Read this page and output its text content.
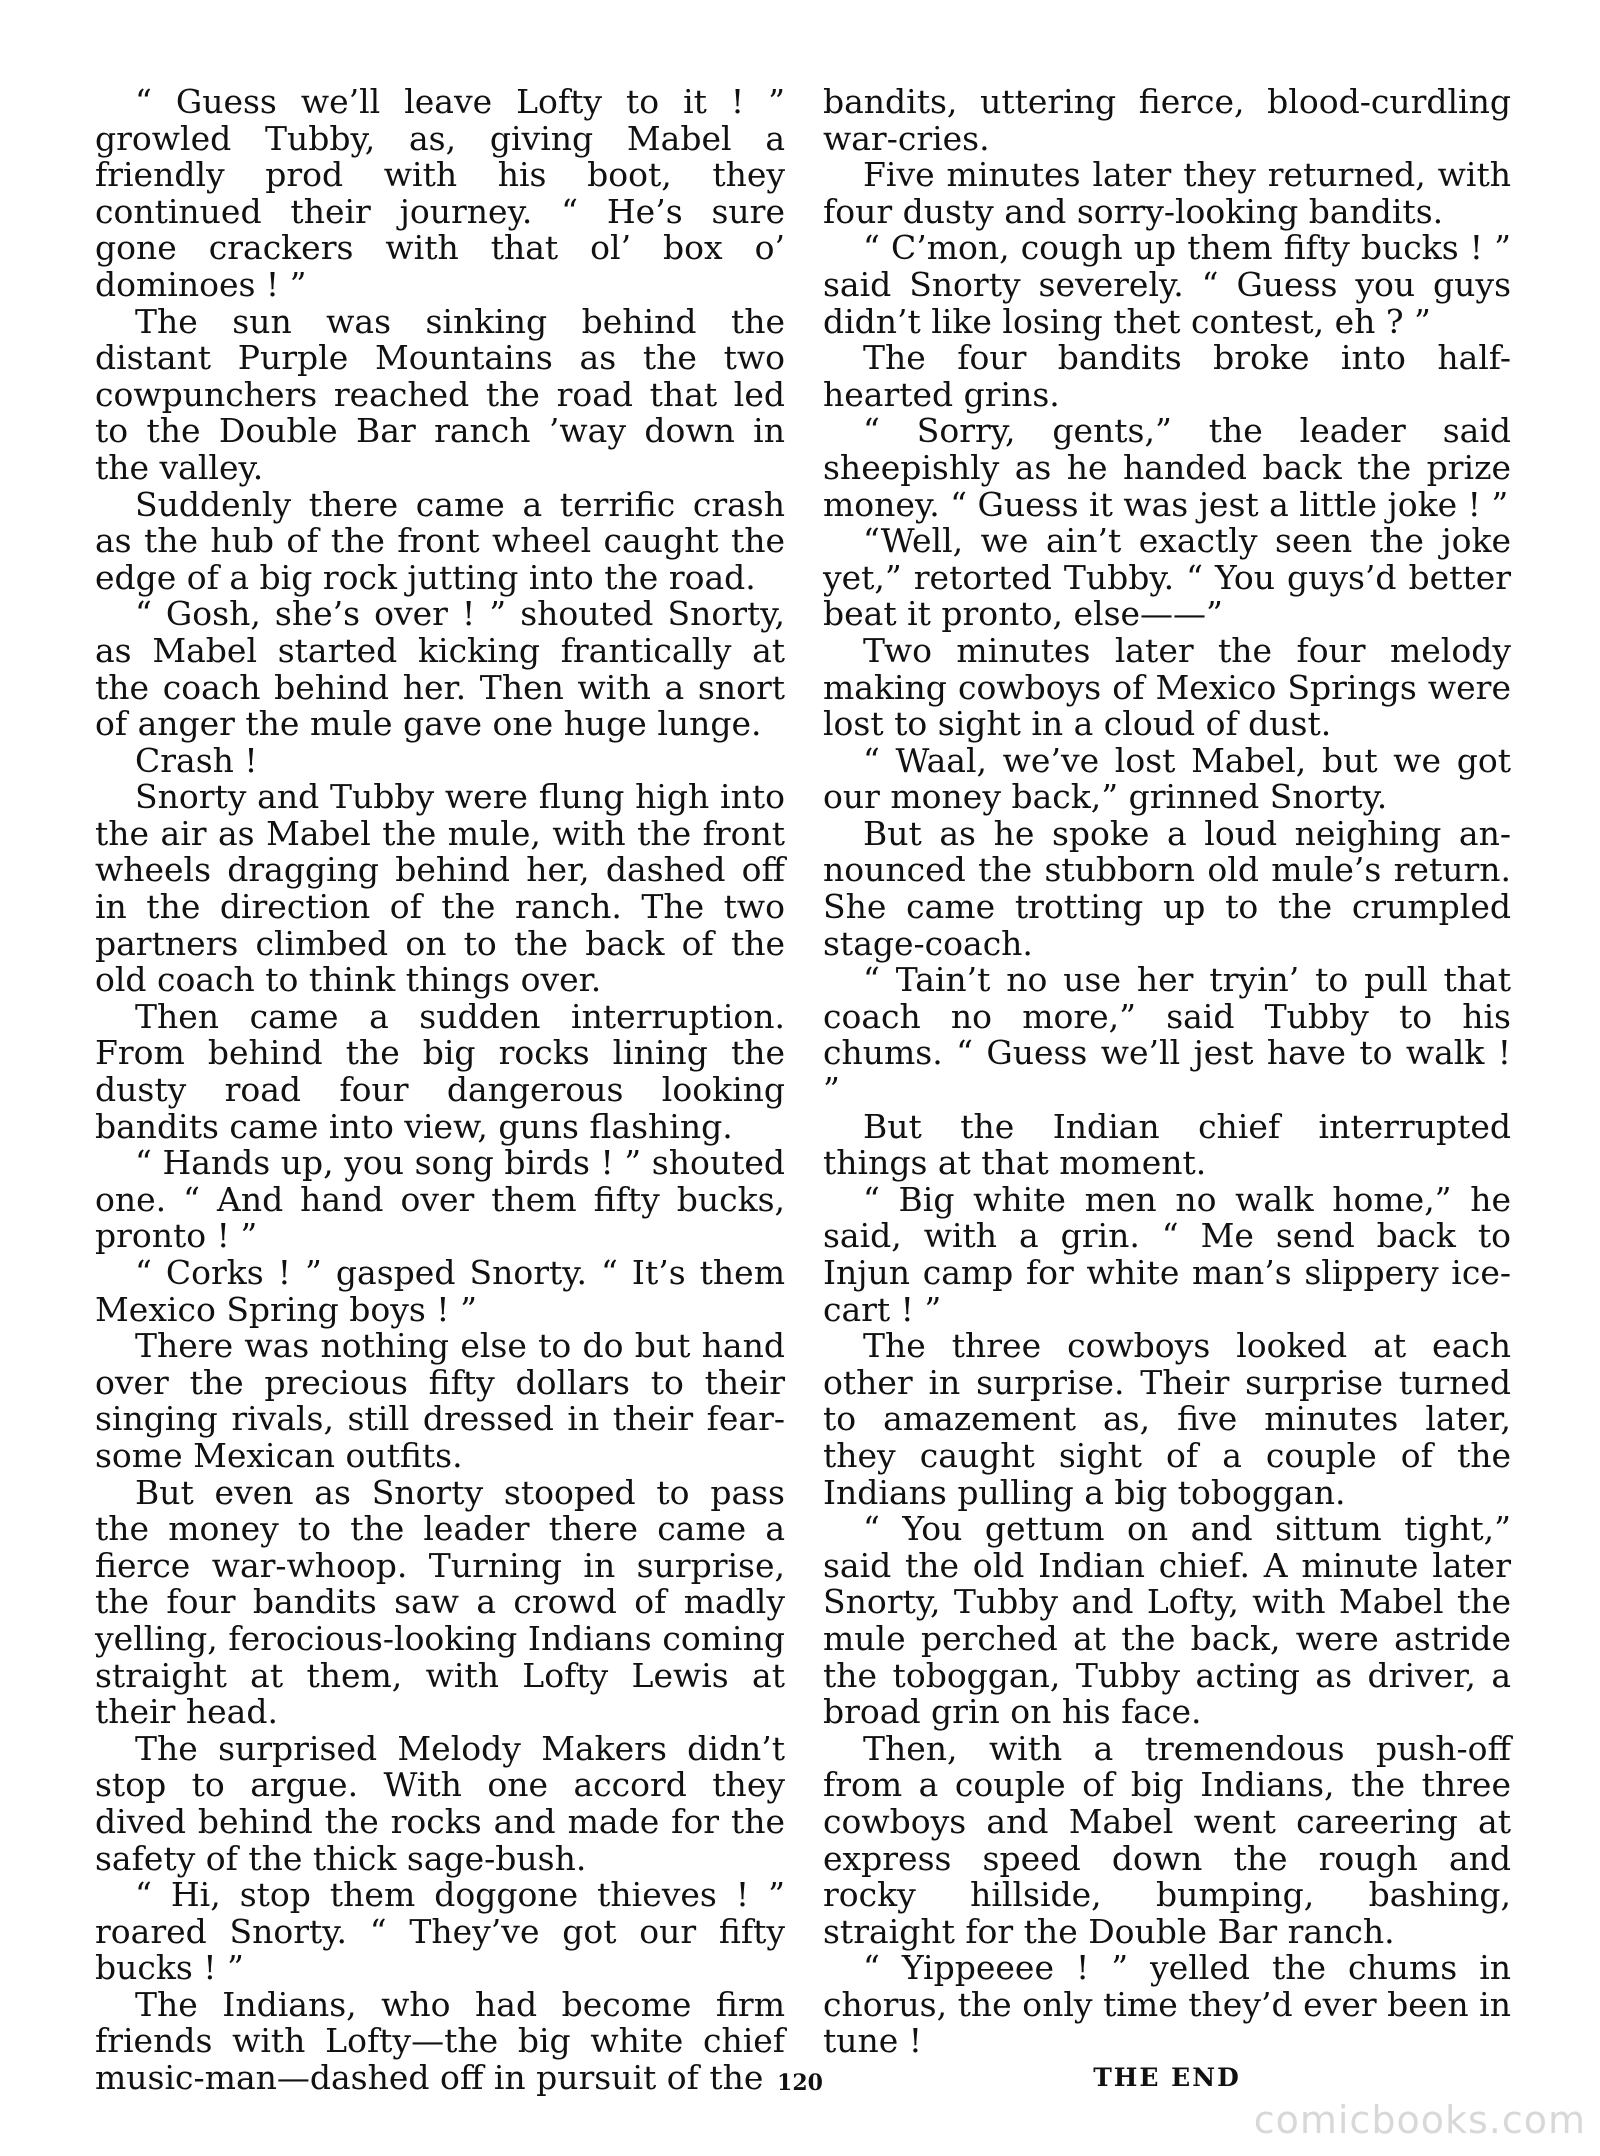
“ Guess we’ll leave Lofty to it ! ” growled Tubby, as, giving Mabel a friendly prod with his boot, they continued their journey. “ He’s sure gone crackers with that ol’ box o’ dominoes ! ”

The sun was sinking behind the distant Purple Mountains as the two cowpunchers reached the road that led to the Double Bar ranch ’way down in the valley.

Suddenly there came a terrific crash as the hub of the front wheel caught the edge of a big rock jutting into the road.

“ Gosh, she’s over ! ” shouted Snorty, as Mabel started kicking frantically at the coach behind her. Then with a snort of anger the mule gave one huge lunge.

Crash !

Snorty and Tubby were flung high into the air as Mabel the mule, with the front wheels dragging behind her, dashed off in the direction of the ranch. The two partners climbed on to the back of the old coach to think things over.

Then came a sudden interruption. From behind the big rocks lining the dusty road four dangerous looking bandits came into view, guns flashing.

“ Hands up, you song birds ! ” shouted one. “ And hand over them fifty bucks, pronto ! ”

“ Corks ! ” gasped Snorty. “ It’s them Mexico Spring boys ! ”

There was nothing else to do but hand over the precious fifty dollars to their singing rivals, still dressed in their fear-some Mexican outfits.

But even as Snorty stooped to pass the money to the leader there came a fierce war-whoop. Turning in surprise, the four bandits saw a crowd of madly yelling, ferocious-looking Indians coming straight at them, with Lofty Lewis at their head.

The surprised Melody Makers didn’t stop to argue. With one accord they dived behind the rocks and made for the safety of the thick sage-bush.

“ Hi, stop them doggone thieves ! ” roared Snorty. “ They’ve got our fifty bucks ! ”

The Indians, who had become firm friends with Lofty—the big white chief music-man—dashed off in pursuit of the

bandits, uttering fierce, blood-curdling war-cries.

Five minutes later they returned, with four dusty and sorry-looking bandits.

“ C’mon, cough up them fifty bucks ! ” said Snorty severely. “ Guess you guys didn’t like losing thet contest, eh ? ”

The four bandits broke into half-hearted grins.

“ Sorry, gents,” the leader said sheepishly as he handed back the prize money. “ Guess it was jest a little joke ! ”

“Well, we ain’t exactly seen the joke yet,” retorted Tubby. “ You guys’d better beat it pronto, else——”

Two minutes later the four melody making cowboys of Mexico Springs were lost to sight in a cloud of dust.

“ Waal, we’ve lost Mabel, but we got our money back,” grinned Snorty.

But as he spoke a loud neighing an-nounced the stubborn old mule’s return. She came trotting up to the crumpled stage-coach.

“ Tain’t no use her tryin’ to pull that coach no more,” said Tubby to his chums. “ Guess we’ll jest have to walk ! ”

But the Indian chief interrupted things at that moment.

“ Big white men no walk home,” he said, with a grin. “ Me send back to Injun camp for white man’s slippery ice-cart ! ”

The three cowboys looked at each other in surprise. Their surprise turned to amazement as, five minutes later, they caught sight of a couple of the Indians pulling a big toboggan.

“ You gettum on and sittum tight,” said the old Indian chief. A minute later Snorty, Tubby and Lofty, with Mabel the mule perched at the back, were astride the toboggan, Tubby acting as driver, a broad grin on his face.

Then, with a tremendous push-off from a couple of big Indians, the three cowboys and Mabel went careering at express speed down the rough and rocky hillside, bumping, bashing, straight for the Double Bar ranch.

“ Yippeeee ! ” yelled the chums in chorus, the only time they’d ever been in tune !

THE END

120
comicbooks.com
